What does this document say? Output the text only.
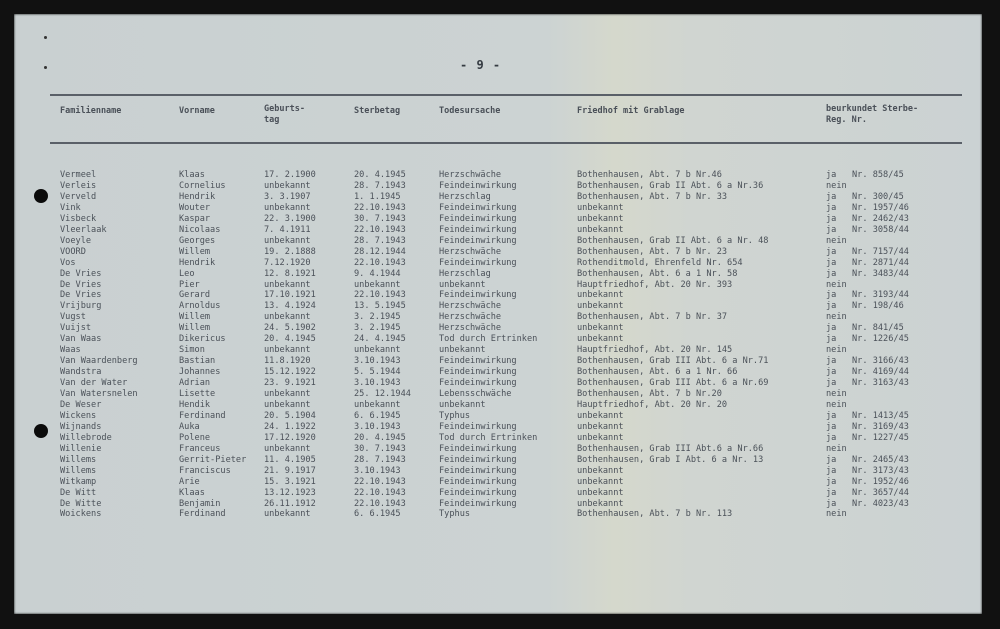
- 9 -
Familienname	Vorname	Geburts-
tag
Sterbetag	Todesursache	Friedhof mit Grablage	beurkundet Sterbe-
Reg. Nr.
Vermeel	Klaas	17. 2.1900	20. 4.1945	Herzschwäche	Bothenhausen, Abt. 7 b Nr.46	ja Nr. 858/45
Verleis	Cornelius	unbekannt	28. 7.1943	Feindeinwirkung	Bothenhausen, Grab II Abt. 6 a Nr.36	nein
Verveld	Hendrik	3. 3.1907	1. 1.1945	Herzschlag	Bothenhausen, Abt. 7 b Nr. 33	ja Nr. 300/45
Vink	Wouter	unbekannt	22.10.1943	Feindeinwirkung	unbekannt	ja Nr. 1957/46
Visbeck	Kaspar	22. 3.1900	30. 7.1943	Feindeinwirkung	unbekannt	ja Nr. 2462/43
Vleerlaak	Nicolaas	7. 4.1911	22.10.1943	Feindeinwirkung	unbekannt	ja Nr. 3058/44
Voeyle	Georges	unbekannt	28. 7.1943	Feindeinwirkung	Bothenhausen, Grab II Abt. 6 a Nr. 48	nein
VOORD	Willem	19. 2.1888	28.12.1944	Herzschwäche	Bothenhausen, Abt. 7 b Nr. 23	ja Nr. 7157/44
Vos	Hendrik	7.12.1920	22.10.1943	Feindeinwirkung	Rothenditmold, Ehrenfeld Nr. 654	ja Nr. 2871/44
De Vries	Leo	12. 8.1921	9. 4.1944	Herzschlag	Bothenhausen, Abt. 6 a 1 Nr. 58	ja Nr. 3483/44
De Vries	Pier	unbekannt	unbekannt	unbekannt	Hauptfriedhof, Abt. 20 Nr. 393	nein
De Vries	Gerard	17.10.1921	22.10.1943	Feindeinwirkung	unbekannt	ja Nr. 3193/44
Vrijburg	Arnoldus	13. 4.1924	13. 5.1945	Herzschwäche	unbekannt	ja Nr. 198/46
Vugst	Willem	unbekannt	3. 2.1945	Herzschwäche	Bothenhausen, Abt. 7 b Nr. 37	nein
Vuijst	Willem	24. 5.1902	3. 2.1945	Herzschwäche	unbekannt	ja Nr. 841/45
Van Waas	Dikericus	20. 4.1945	24. 4.1945	Tod durch Ertrinken	unbekannt	ja Nr. 1226/45
Waas	Simon	unbekannt	unbekannt	unbekannt	Hauptfriedhof, Abt. 20 Nr. 145	nein
Van Waardenberg	Bastian	11.8.1920	3.10.1943	Feindeinwirkung	Bothenhausen, Grab III Abt. 6 a Nr.71	ja Nr. 3166/43
Wandstra	Johannes	15.12.1922	5. 5.1944	Feindeinwirkung	Bothenhausen, Abt. 6 a 1 Nr. 66	ja Nr. 4169/44
Van der Water	Adrian	23. 9.1921	3.10.1943	Feindeinwirkung	Bothenhausen, Grab III Abt. 6 a Nr.69	ja Nr. 3163/43
Van Watersnelen	Lisette	unbekannt	25. 12.1944	Lebensschwäche	Bothenhausen, Abt. 7 b Nr.20	nein
De Weser	Hendik	unbekannt	unbekannt	unbekannt	Hauptfriedhof, Abt. 20 Nr. 20	nein
Wickens	Ferdinand	20. 5.1904	6. 6.1945	Typhus	unbekannt	ja Nr. 1413/45
Wijnands	Auka	24. 1.1922	3.10.1943	Feindeinwirkung	unbekannt	ja Nr. 3169/43
Willebrode	Polene	17.12.1920	20. 4.1945	Tod durch Ertrinken	unbekannt	ja Nr. 1227/45
Willenie	Franceus	unbekannt	30. 7.1943	Feindeinwirkung	Bothenhausen, Grab III Abt.6 a Nr.66	nein
Willems	Gerrit-Pieter 11. 4.1905	28. 7.1943	Feindeinwirkung	Bothenhausen, Grab I Abt. 6 a Nr. 13	ja Nr. 2465/43
Willems	Franciscus	21. 9.1917	3.10.1943	Feindeinwirkung	unbekannt	ja Nr. 3173/43
Witkamp	Arie	15. 3.1921	22.10.1943	Feindeinwirkung	unbekannt	ja Nr. 1952/46
De Witt	Klaas	13.12.1923	22.10.1943	Feindeinwirkung	unbekannt	ja Nr. 3657/44
De Witte	Benjamin	26.11.1912	22.10.1943	Feindeinwirkung	unbekannt	ja Nr. 4023/43
Woickens	Ferdinand	unbekannt	6. 6.1945	Typhus	Bothenhausen, Abt. 7 b Nr. 113	nein
